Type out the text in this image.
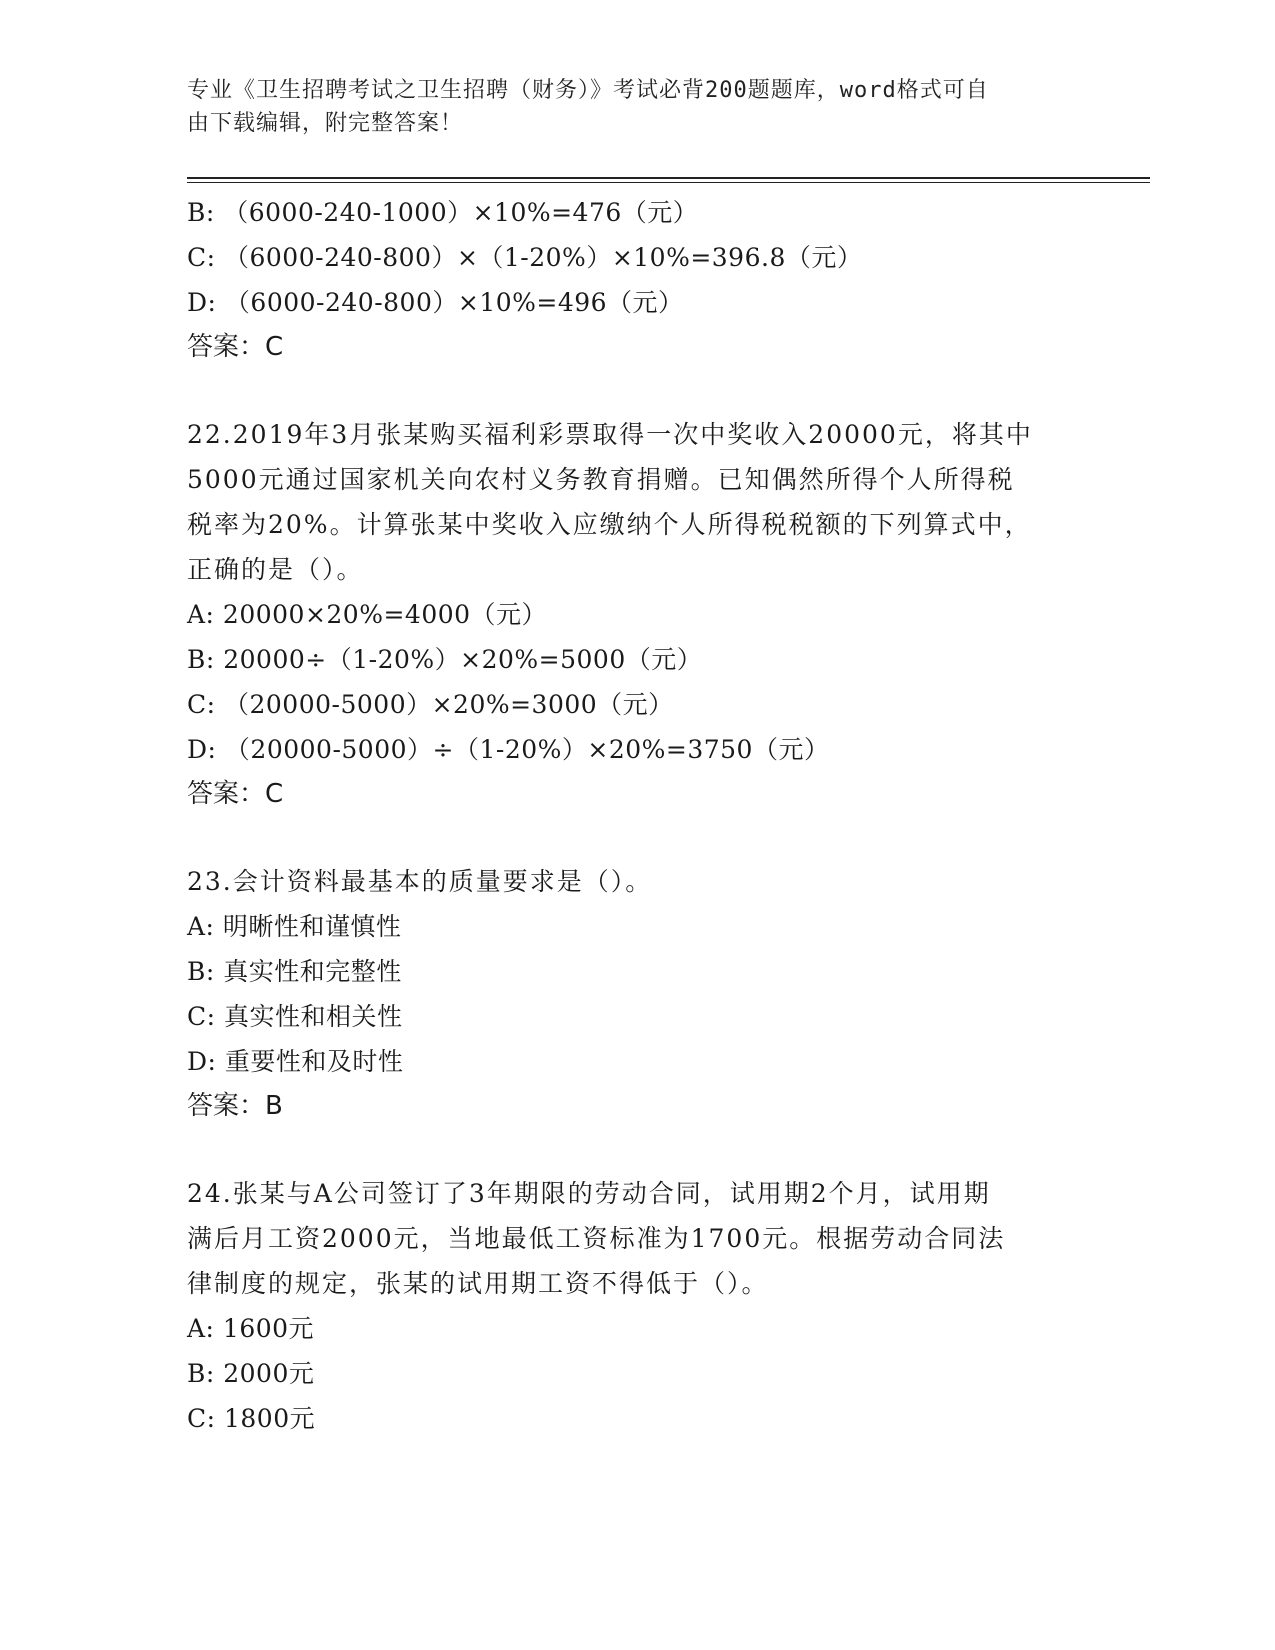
专业《卫生招聘考试之卫生招聘（财务）》考试必背200题题库，word格式可自
由下载编辑，附完整答案！
B: （6000-240-1000）×10%=476（元）
C: （6000-240-800）×（1-20%）×10%=396.8（元）
D: （6000-240-800）×10%=496（元）
答案：C
22.2019年3月张某购买福利彩票取得一次中奖收入20000元，将其中
5000元通过国家机关向农村义务教育捐赠。已知偶然所得个人所得税
税率为20%。计算张某中奖收入应缴纳个人所得税税额的下列算式中，
正确的是（）。
A: 20000×20%=4000（元）
B: 20000÷（1-20%）×20%=5000（元）
C: （20000-5000）×20%=3000（元）
D: （20000-5000）÷（1-20%）×20%=3750（元）
答案：C
23.会计资料最基本的质量要求是（）。
A: 明晰性和谨慎性
B: 真实性和完整性
C: 真实性和相关性
D: 重要性和及时性
答案：B
24.张某与A公司签订了3年期限的劳动合同，试用期2个月，试用期
满后月工资2000元，当地最低工资标准为1700元。根据劳动合同法
律制度的规定，张某的试用期工资不得低于（）。
A: 1600元
B: 2000元
C: 1800元
